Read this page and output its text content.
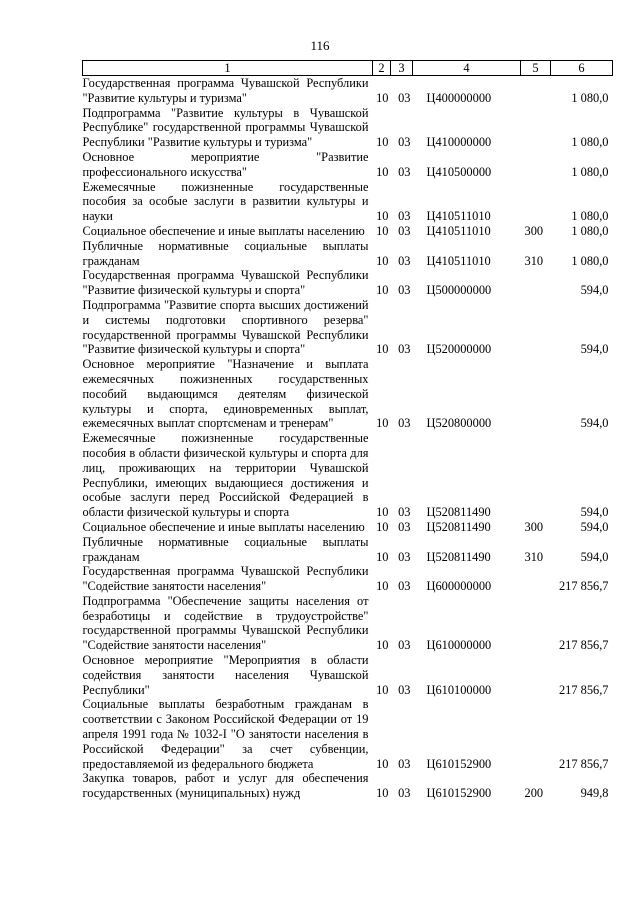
116
1	2	3	4	5	6
Государственная программа Чувашской Республики "Развитие культуры и туризма"	10	03	Ц400000000		1 080,0
Подпрограмма "Развитие культуры в Чувашской Республике" государственной программы Чувашской Республики "Развитие культуры и туризма"	10	03	Ц410000000		1 080,0
Основное мероприятие "Развитие профессионального искусства"	10	03	Ц410500000		1 080,0
Ежемесячные пожизненные государственные пособия за особые заслуги в развитии культуры и науки	10	03	Ц410511010		1 080,0
Социальное обеспечение и иные выплаты населению	10	03	Ц410511010	300	1 080,0
Публичные нормативные социальные выплаты гражданам	10	03	Ц410511010	310	1 080,0
Государственная программа Чувашской Республики "Развитие физической культуры и спорта"	10	03	Ц500000000		594,0
Подпрограмма "Развитие спорта высших достижений и системы подготовки спортивного резерва" государственной программы Чувашской Республики "Развитие физической культуры и спорта"	10	03	Ц520000000		594,0
Основное мероприятие "Назначение и выплата ежемесячных пожизненных государственных пособий выдающимся деятелям физической культуры и спорта, единовременных выплат, ежемесячных выплат спортсменам и тренерам"	10	03	Ц520800000		594,0
Ежемесячные пожизненные государственные пособия в области физической культуры и спорта для лиц, проживающих на территории Чувашской Республики, имеющих выдающиеся достижения и особые заслуги перед Российской Федерацией в области физической культуры и спорта	10	03	Ц520811490		594,0
Социальное обеспечение и иные выплаты населению	10	03	Ц520811490	300	594,0
Публичные нормативные социальные выплаты гражданам	10	03	Ц520811490	310	594,0
Государственная программа Чувашской Республики "Содействие занятости населения"	10	03	Ц600000000		217 856,7
Подпрограмма "Обеспечение защиты населения от безработицы и содействие в трудоустройстве" государственной программы Чувашской Республики "Содействие занятости населения"	10	03	Ц610000000		217 856,7
Основное мероприятие "Мероприятия в области содействия занятости населения Чувашской Республики"	10	03	Ц610100000		217 856,7
Социальные выплаты безработным гражданам в соответствии с Законом Российской Федерации от 19 апреля 1991 года № 1032-I "О занятости населения в Российской Федерации" за счет субвенции, предоставляемой из федерального бюджета	10	03	Ц610152900		217 856,7
Закупка товаров, работ и услуг для обеспечения государственных (муниципальных) нужд	10	03	Ц610152900	200	949,8
